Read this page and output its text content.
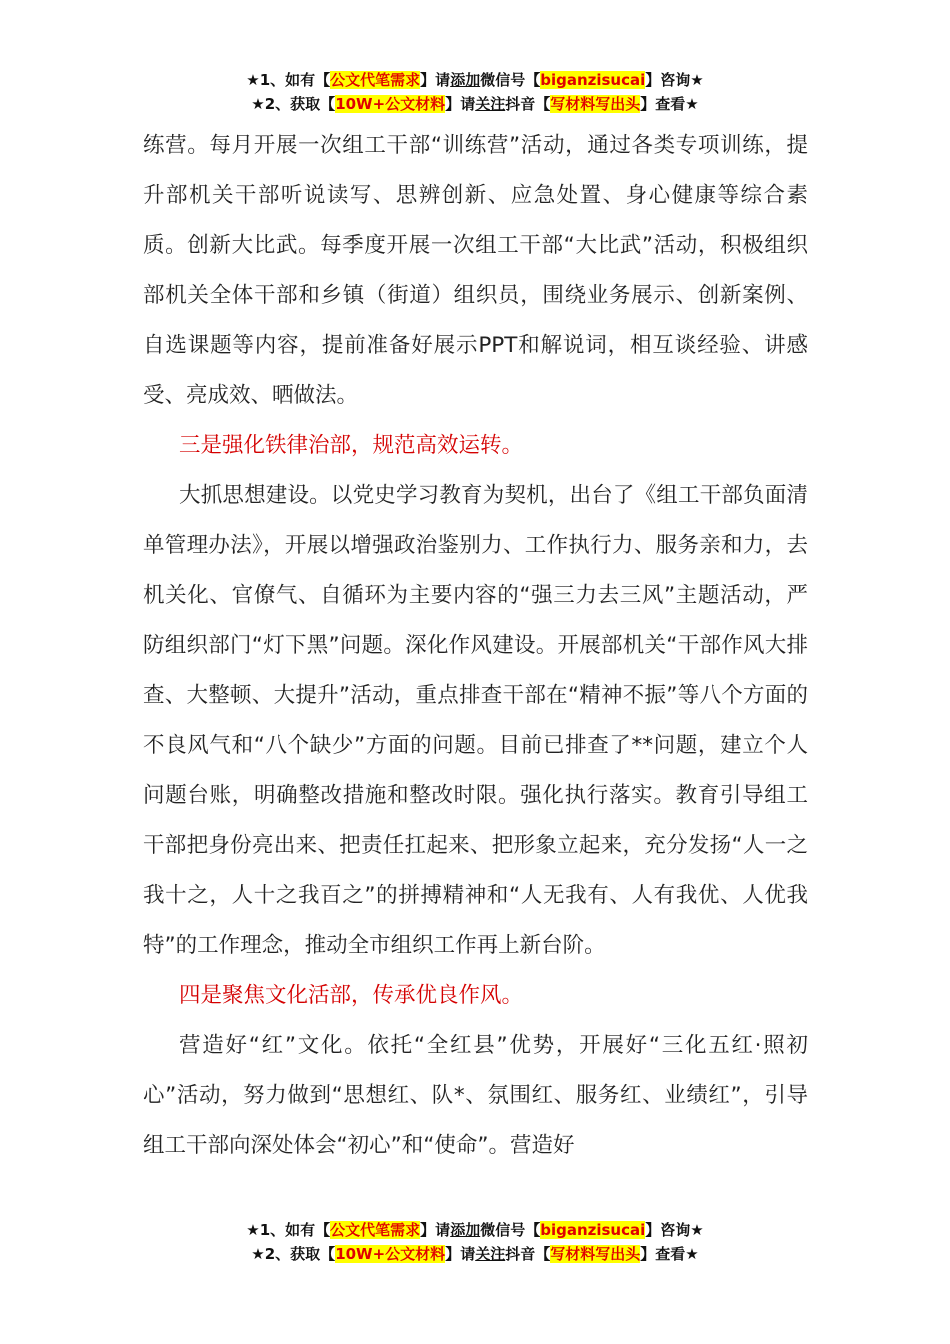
★1、如有【公文代笔需求】请添加微信号【biganzisucai】咨询★
★2、获取【10W+公文材料】请关注抖音【写材料写出头】查看★

练营。每月开展一次组工干部“训练营”活动，通过各类专项训练，提升部机关干部听说读写、思辨创新、应急处置、身心健康等综合素质。创新大比武。每季度开展一次组工干部“大比武”活动，积极组织部机关全体干部和乡镇（街道）组织员，围绕业务展示、创新案例、自选课题等内容，提前准备好展示PPT和解说词，相互谈经验、讲感受、亮成效、晒做法。

三是强化铁律治部，规范高效运转。

大抓思想建设。以党史学习教育为契机，出台了《组工干部负面清单管理办法》，开展以增强政治鉴别力、工作执行力、服务亲和力，去机关化、官僚气、自循环为主要内容的“强三力去三风”主题活动，严防组织部门“灯下黑”问题。深化作风建设。开展部机关“干部作风大排查、大整顿、大提升”活动，重点排查干部在“精神不振”等八个方面的不良风气和“八个缺少”方面的问题。目前已排查了**问题，建立个人问题台账，明确整改措施和整改时限。强化执行落实。教育引导组工干部把身份亮出来、把责任扛起来、把形象立起来，充分发扬“人一之我十之，人十之我百之”的拼搏精神和“人无我有、人有我优、人优我特”的工作理念，推动全市组织工作再上新台阶。

四是聚焦文化活部，传承优良作风。

营造好“红”文化。依托“全红县”优势，开展好“三化五红·照初心”活动，努力做到“思想红、队*、氛围红、服务红、业绩红”，引导组工干部向深处体会“初心”和“使命”。营造好

★1、如有【公文代笔需求】请添加微信号【biganzisucai】咨询★
★2、获取【10W+公文材料】请关注抖音【写材料写出头】查看★
